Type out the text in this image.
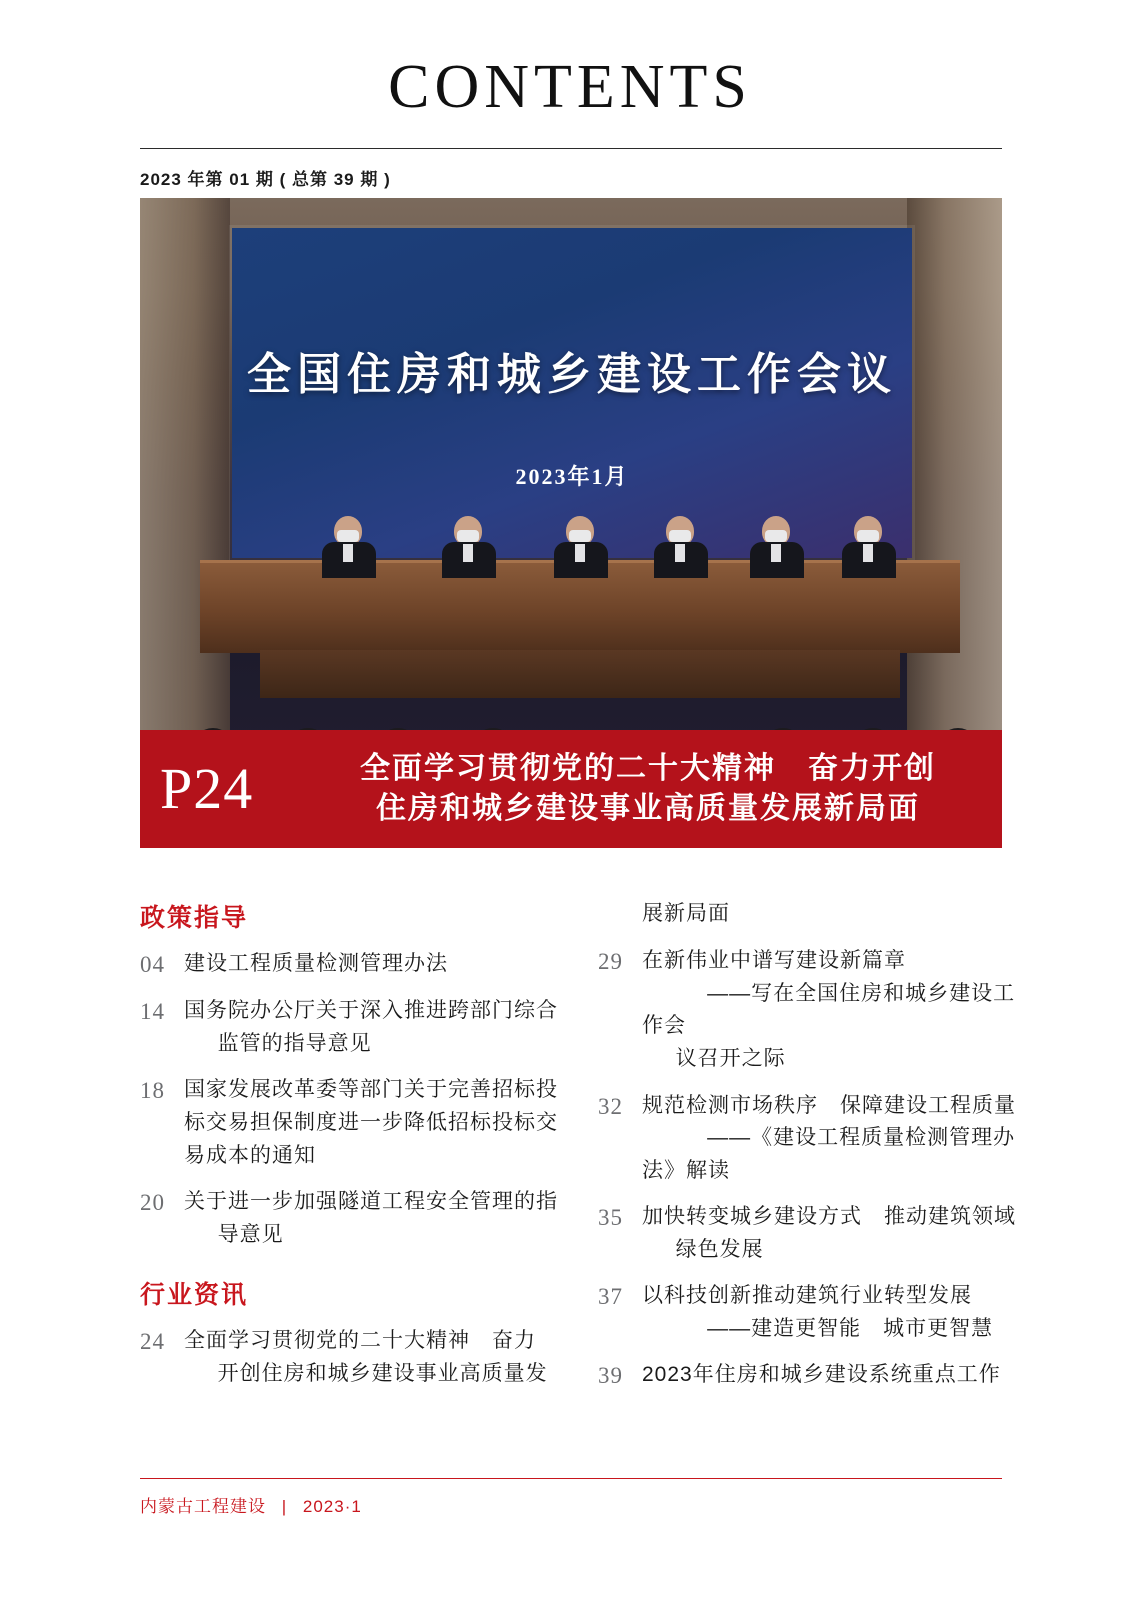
CONTENTS
2023 年第 01 期 ( 总第 39 期 )
全国住房和城乡建设工作会议
2023年1月
P24	全面学习贯彻党的二十大精神　奋力开创
住房和城乡建设事业高质量发展新局面
政策指导
04 建设工程质量检测管理办法
14 国务院办公厅关于深入推进跨部门综合
监管的指导意见
18 国家发展改革委等部门关于完善招标投 标交易担保制度进一步降低招标投标交 易成本的通知
20 关于进一步加强隧道工程安全管理的指
导意见
行业资讯
24 全面学习贯彻党的二十大精神　奋力
开创住房和城乡建设事业高质量发
展新局面
29 在新伟业中谱写建设新篇章
——写在全国住房和城乡建设工作会
议召开之际
32 规范检测市场秩序　保障建设工程质量
——《建设工程质量检测管理办法》解读
35 加快转变城乡建设方式　推动建筑领域
绿色发展
37 以科技创新推动建筑行业转型发展
——建造更智能　城市更智慧
39 2023年住房和城乡建设系统重点工作
内蒙古工程建设 | 2023·1
